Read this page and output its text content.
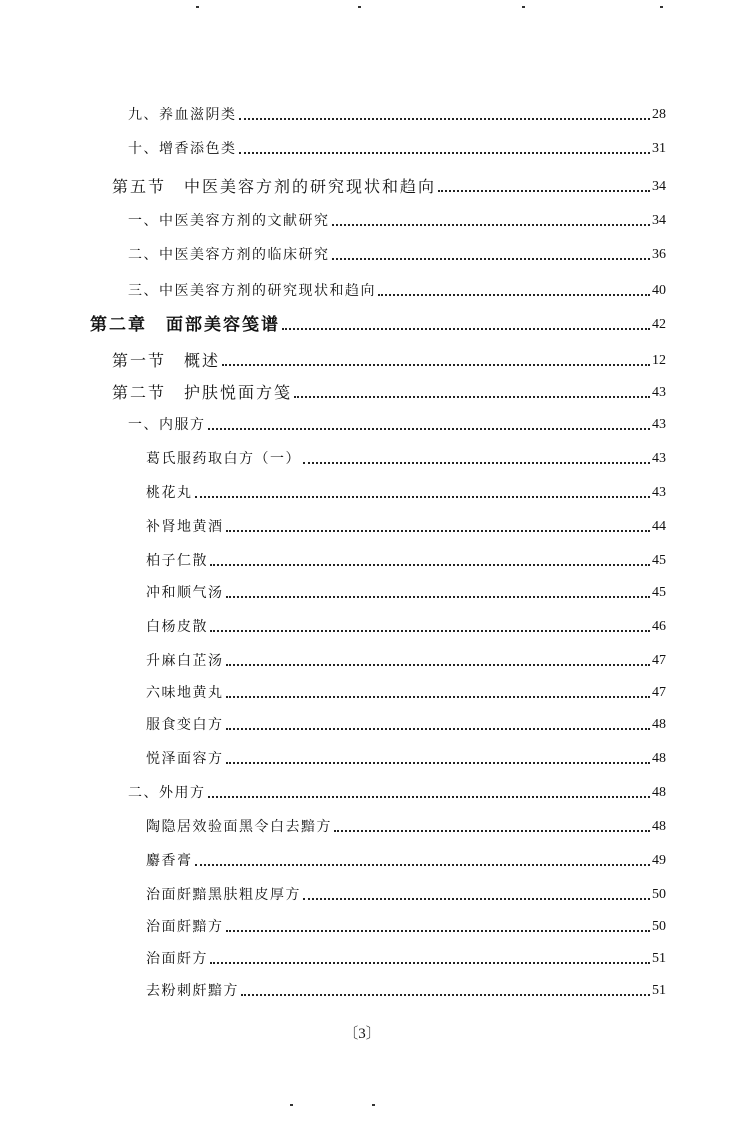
九、养血滋阴类	28
十、增香添色类	31
第五节　中医美容方剂的研究现状和趋向	34
一、中医美容方剂的文献研究	34
二、中医美容方剂的临床研究	36
三、中医美容方剂的研究现状和趋向	40
第二章　面部美容笺谱	42
第一节　概述	12
第二节　护肤悦面方笺	43
一、内服方	43
葛氏服药取白方（一）	43
桃花丸	43
补肾地黄酒	44
柏子仁散	45
冲和顺气汤	45
白杨皮散	46
升麻白芷汤	47
六味地黄丸	47
服食变白方	48
悦泽面容方	48
二、外用方	48
陶隐居效验面黑令白去黯方	48
麝香膏	49
治面皯黯黑肤粗皮厚方	50
治面皯黯方	50
治面皯方	51
去粉刺皯黯方	51
〔3〕
